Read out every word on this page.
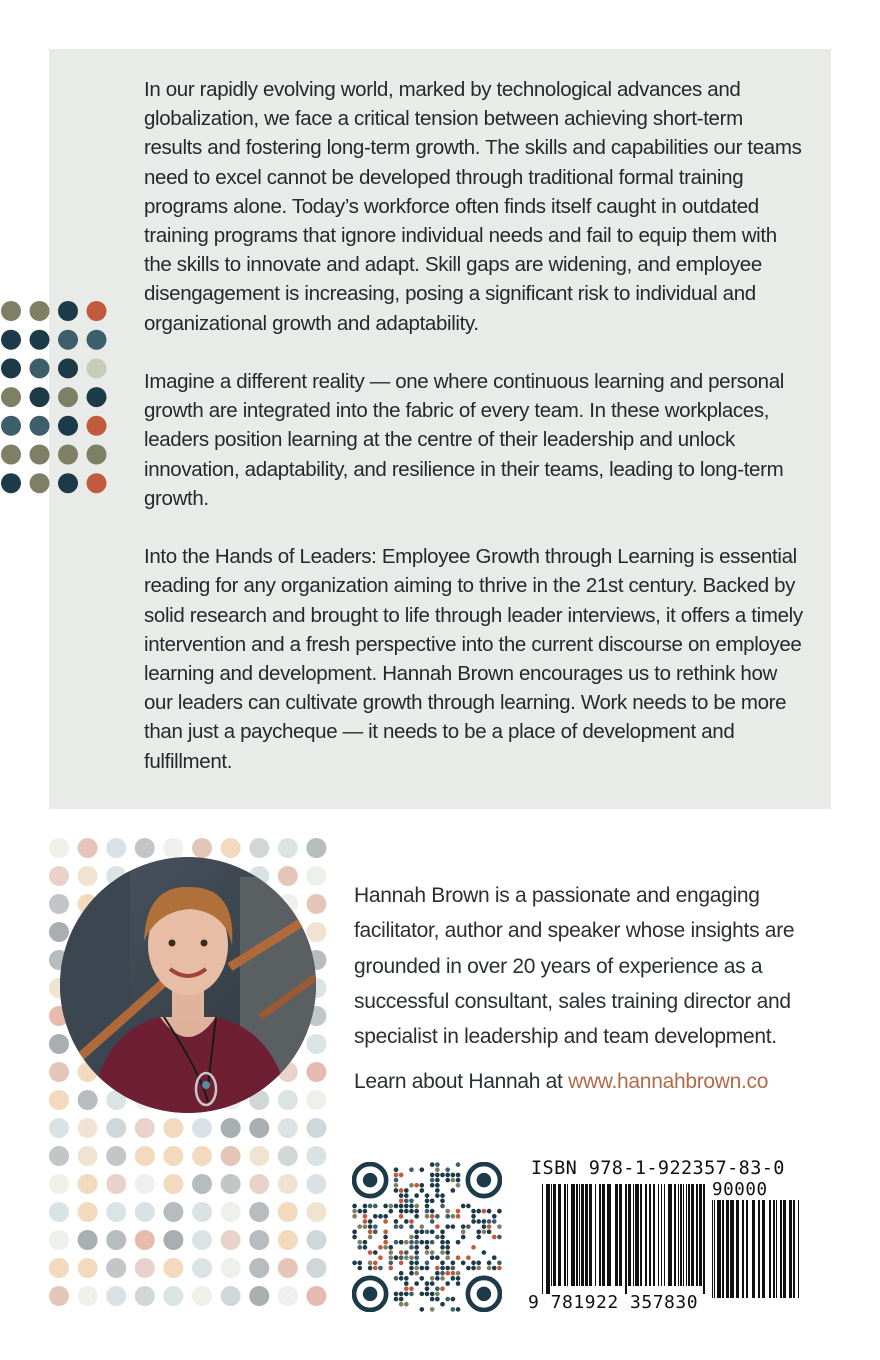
In our rapidly evolving world, marked by technological advances and globalization, we face a critical tension between achieving short-term results and fostering long-term growth. The skills and capabilities our teams need to excel cannot be developed through traditional formal training programs alone. Today’s workforce often finds itself caught in outdated training programs that ignore individual needs and fail to equip them with the skills to innovate and adapt. Skill gaps are widening, and employee disengagement is increasing, posing a significant risk to individual and organizational growth and adaptability.

Imagine a different reality — one where continuous learning and personal growth are integrated into the fabric of every team. In these workplaces, leaders position learning at the centre of their leadership and unlock innovation, adaptability, and resilience in their teams, leading to long-term growth.

Into the Hands of Leaders: Employee Growth through Learning is essential reading for any organization aiming to thrive in the 21st century. Backed by solid research and brought to life through leader interviews, it offers a timely intervention and a fresh perspective into the current discourse on employee learning and development. Hannah Brown encourages us to rethink how our leaders can cultivate growth through learning. Work needs to be more than just a paycheque — it needs to be a place of development and fulfillment.

Hannah Brown is a passionate and engaging facilitator, author and speaker whose insights are grounded in over 20 years of experience as a successful consultant, sales training director and specialist in leadership and team development.

Learn about Hannah at www.hannahbrown.co

ISBN 978-1-922357-83-0
90000
9 781922 357830
